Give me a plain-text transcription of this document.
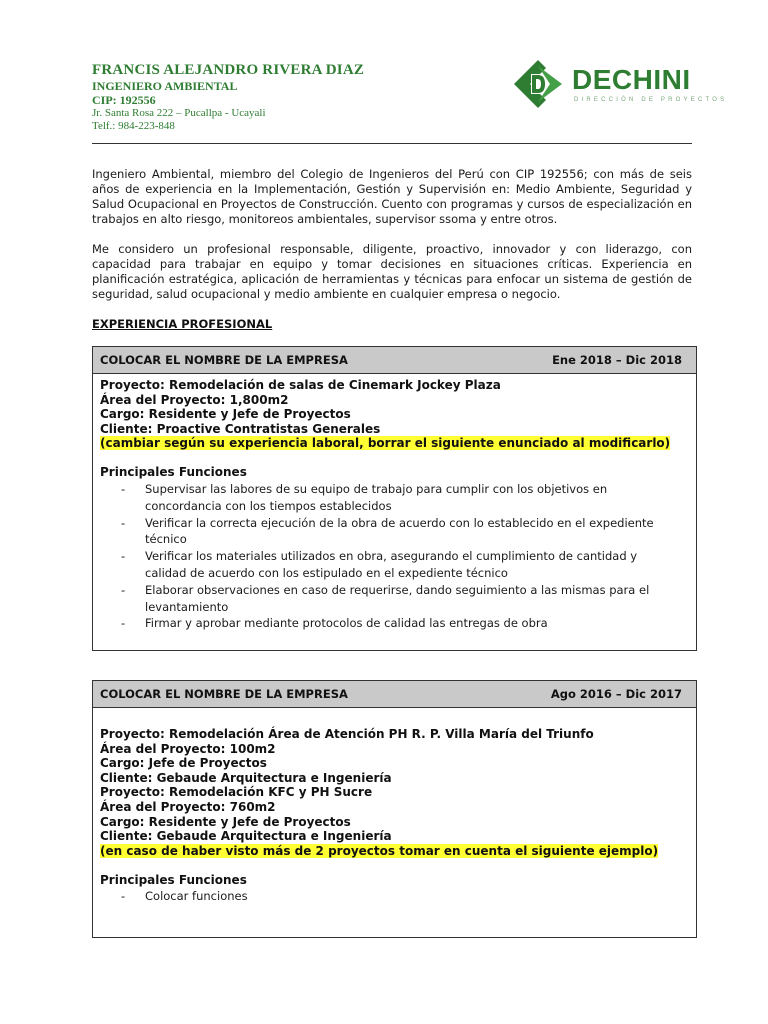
FRANCIS ALEJANDRO RIVERA DIAZ
INGENIERO AMBIENTAL
CIP: 192556
Jr. Santa Rosa 222 – Pucallpa - Ucayali
Telf.: 984-223-848
DECHINI
DIRECCIÓN DE PROYECTOS
Ingeniero Ambiental, miembro del Colegio de Ingenieros del Perú con CIP 192556; con más de seis años de experiencia en la Implementación, Gestión y Supervisión en: Medio Ambiente, Seguridad y Salud Ocupacional en Proyectos de Construcción. Cuento con programas y cursos de especialización en trabajos en alto riesgo, monitoreos ambientales, supervisor ssoma y entre otros.
Me considero un profesional responsable, diligente, proactivo, innovador y con liderazgo, con capacidad para trabajar en equipo y tomar decisiones en situaciones críticas. Experiencia en planificación estratégica, aplicación de herramientas y técnicas para enfocar un sistema de gestión de seguridad, salud ocupacional y medio ambiente en cualquier empresa o negocio.
EXPERIENCIA PROFESIONAL
COLOCAR EL NOMBRE DE LA EMPRESA	Ene 2018 – Dic 2018
Proyecto: Remodelación de salas de Cinemark Jockey Plaza
Área del Proyecto: 1,800m2
Cargo: Residente y Jefe de Proyectos
Cliente: Proactive Contratistas Generales
(cambiar según su experiencia laboral, borrar el siguiente enunciado al modificarlo)
Principales Funciones
- Supervisar las labores de su equipo de trabajo para cumplir con los objetivos en concordancia con los tiempos establecidos
- Verificar la correcta ejecución de la obra de acuerdo con lo establecido en el expediente técnico
- Verificar los materiales utilizados en obra, asegurando el cumplimiento de cantidad y calidad de acuerdo con los estipulado en el expediente técnico
- Elaborar observaciones en caso de requerirse, dando seguimiento a las mismas para el levantamiento
- Firmar y aprobar mediante protocolos de calidad las entregas de obra
COLOCAR EL NOMBRE DE LA EMPRESA	Ago 2016 – Dic 2017
Proyecto: Remodelación Área de Atención PH R. P. Villa María del Triunfo
Área del Proyecto: 100m2
Cargo: Jefe de Proyectos
Cliente: Gebaude Arquitectura e Ingeniería
Proyecto: Remodelación KFC y PH Sucre
Área del Proyecto: 760m2
Cargo: Residente y Jefe de Proyectos
Cliente: Gebaude Arquitectura e Ingeniería
(en caso de haber visto más de 2 proyectos tomar en cuenta el siguiente ejemplo)
Principales Funciones
- Colocar funciones
